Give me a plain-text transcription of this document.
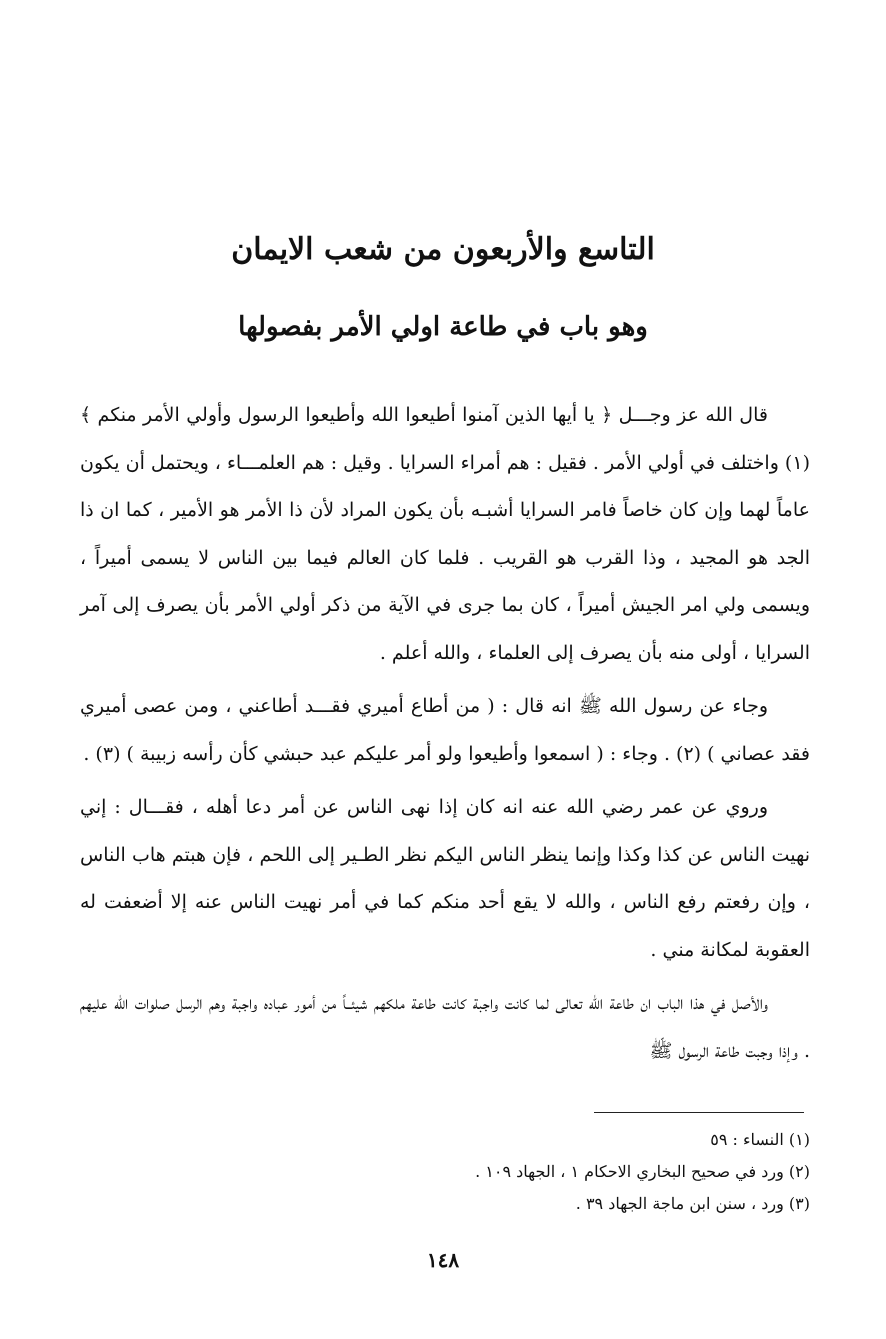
التاسع والأربعون من شعب الايمان
وهو باب في طاعة اولي الأمر بفصولها

قال الله عز وجـــل ﴿ يا أيها الذين آمنوا أطيعوا الله وأطيعوا الرسول وأولي الأمر منكم ﴾ (١) واختلف في أولي الأمر . فقيل : هم أمراء السرايا . وقيل : هم العلمـــاء ، ويحتمل أن يكون عاماً لهما وإن كان خاصاً فامر السرايا أشبـه بأن يكون المراد لأن ذا الأمر هو الأمير ، كما ان ذا الجد هو المجيد ، وذا القرب هو القريب . فلما كان العالم فيما بين الناس لا يسمى أميراً ، ويسمى ولي امر الجيش أميراً ، كان بما جرى في الآية من ذكر أولي الأمر بأن يصرف إلى آمر السرايا ، أولى منه بأن يصرف إلى العلماء ، والله أعلم .

وجاء عن رسول الله ﷺ انه قال : ( من أطاع أميري فقـــد أطاعني ، ومن عصى أميري فقد عصاني ) (٢) . وجاء : ( اسمعوا وأطيعوا ولو أمر عليكم عبد حبشي كأن رأسه زبيبة ) (٣) .

وروي عن عمر رضي الله عنه انه كان إذا نهى الناس عن أمر دعا أهله ، فقـــال : إني نهيت الناس عن كذا وكذا وإنما ينظر الناس اليكم نظر الطـير إلى اللحم ، فإن هبتم هاب الناس ، وإن رفعتم رفع الناس ، والله لا يقع أحد منكم كما في أمر نهيت الناس عنه إلا أضعفت له العقوبة لمكانة مني .

والأصل في هذا الباب ان طاعة الله تعالى لما كانت واجبة كانت طاعة ملكهم شيئــاً من أمور عباده واجبة وهم الرسل صلوات الله عليهم . وإذا وجبت طاعة الرسول ﷺ

(١) النساء : ٥٩
(٢) ورد في صحيح البخاري الاحكام ١ ، الجهاد ١٠٩ .
(٣) ورد ، سنن ابن ماجة الجهاد ٣٩ .
١٤٨
